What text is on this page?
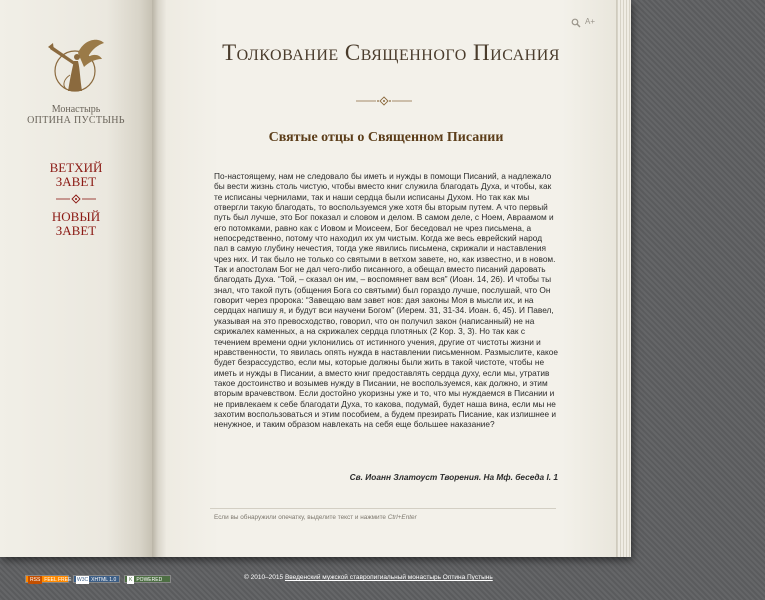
Монастырь
ОПТИНА ПУСТЫНЬ
ВЕТХИЙ
ЗАВЕТ
НОВЫЙ
ЗАВЕТ
A+
Толкование Священного Писания
Святые отцы о Священном Писании

По-настоящему, нам не следовало бы иметь и нужды в помощи Писаний, а надлежало бы вести жизнь столь чистую, чтобы вместо книг служила благодать Духа, и чтобы, как те исписаны чернилами, так и наши сердца были исписаны Духом. Но так как мы отвергли такую благодать, то воспользуемся уже хотя бы вторым путем. А что первый путь был лучше, это Бог показал и словом и делом. В самом деле, с Ноем, Авраамом и его потомками, равно как с Иовом и Моисеем, Бог беседовал не чрез письмена, а непосредственно, потому что находил их ум чистым. Когда же весь еврейский народ пал в самую глубину нечестия, тогда уже явились письмена, скрижали и наставления чрез них. И так было не только со святыми в ветхом завете, но, как известно, и в новом. Так и апостолам Бог не дал чего-либо писанного, а обещал вместо писаний даровать благодать Духа. “Той, – сказал он им, – воспомянет вам вся” (Иоан. 14, 26). И чтобы ты знал, что такой путь (общения Бога со святыми) был гораздо лучше, послушай, что Он говорит через пророка: “Завещаю вам завет нов: дая законы Моя в мысли их, и на сердцах напишу я, и будут вси научени Богом” (Иерем. 31, 31-34. Иоан. 6, 45). И Павел, указывая на это превосходство, говорил, что он получил закон (написанный) не на скрижалех каменных, а на скрижалех сердца плотяных (2 Кор. 3, 3). Но так как с течением времени одни уклонились от истинного учения, другие от чистоты жизни и нравственности, то явилась опять нужда в наставлении письменном. Размыслите, какое будет безрассудство, если мы, которые должны были жить в такой чистоте, чтобы не иметь и нужды в Писании, а вместо книг предоставлять сердца духу, если мы, утратив такое достоинство и возымев нужду в Писании, не воспользуемся, как должно, и этим вторым врачевством. Если достойно укоризны уже и то, что мы нуждаемся в Писании и не привлекаем к себе благодати Духа, то какова, подумай, будет наша вина, если мы не захотим воспользоваться и этим пособием, а будем презирать Писание, как излишнее и ненужное, и таким образом навлекать на себя еще большее наказание?

Св. Иоанн Златоуст Творения. На Мф. беседа I. 1
Если вы обнаружили опечатку, выделите текст и нажмите Ctrl+Enter
RSS FEEL FREE	W3C XHTML 1.0	K POWERED	© 2010–2015 Введенский мужской ставропигиальный монастырь Оптина Пустынь
